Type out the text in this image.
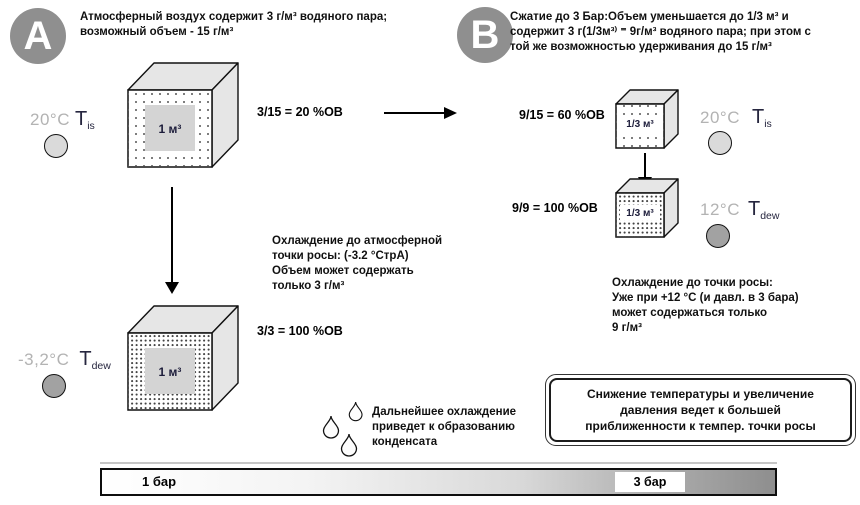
A	Атмосферный воздух содержит 3 г/м³ водяного пара;
возможный объем - 15 г/м³
1 м³
3/15 = 20 %ОВ
20°C $T_{is}$
Охлаждение до атмосферной
точки росы: (-3.2 °СтрА)
Объем может содержать
только 3 г/м³
3/3 = 100 %ОВ
1 м³
-3,2°C $T_{dew}$
B Сжатие до 3 Бар:Объем уменьшается до 1/3 м³ и
содержит 3 г(1/3м³⁾ ⁼ 9г/м³ водяного пара; при этом с
той же возможностью удерживания до 15 г/м³
9/15 = 60 %ОВ
1/3 м³	20°C $T_{is}$
9/9 = 100 %ОВ	1/3 м³	12°C $T_{dew}$
Охлаждение до точки росы:
Уже при +12 °С (и давл. в 3 бара)
может содержаться только
9 г/м³
Дальнейшее охлаждение
приведет к образованию
конденсата
Снижение температуры и увеличение
давления ведет к большей
приближенности к темпер. точки росы
1 бар	3 бар
